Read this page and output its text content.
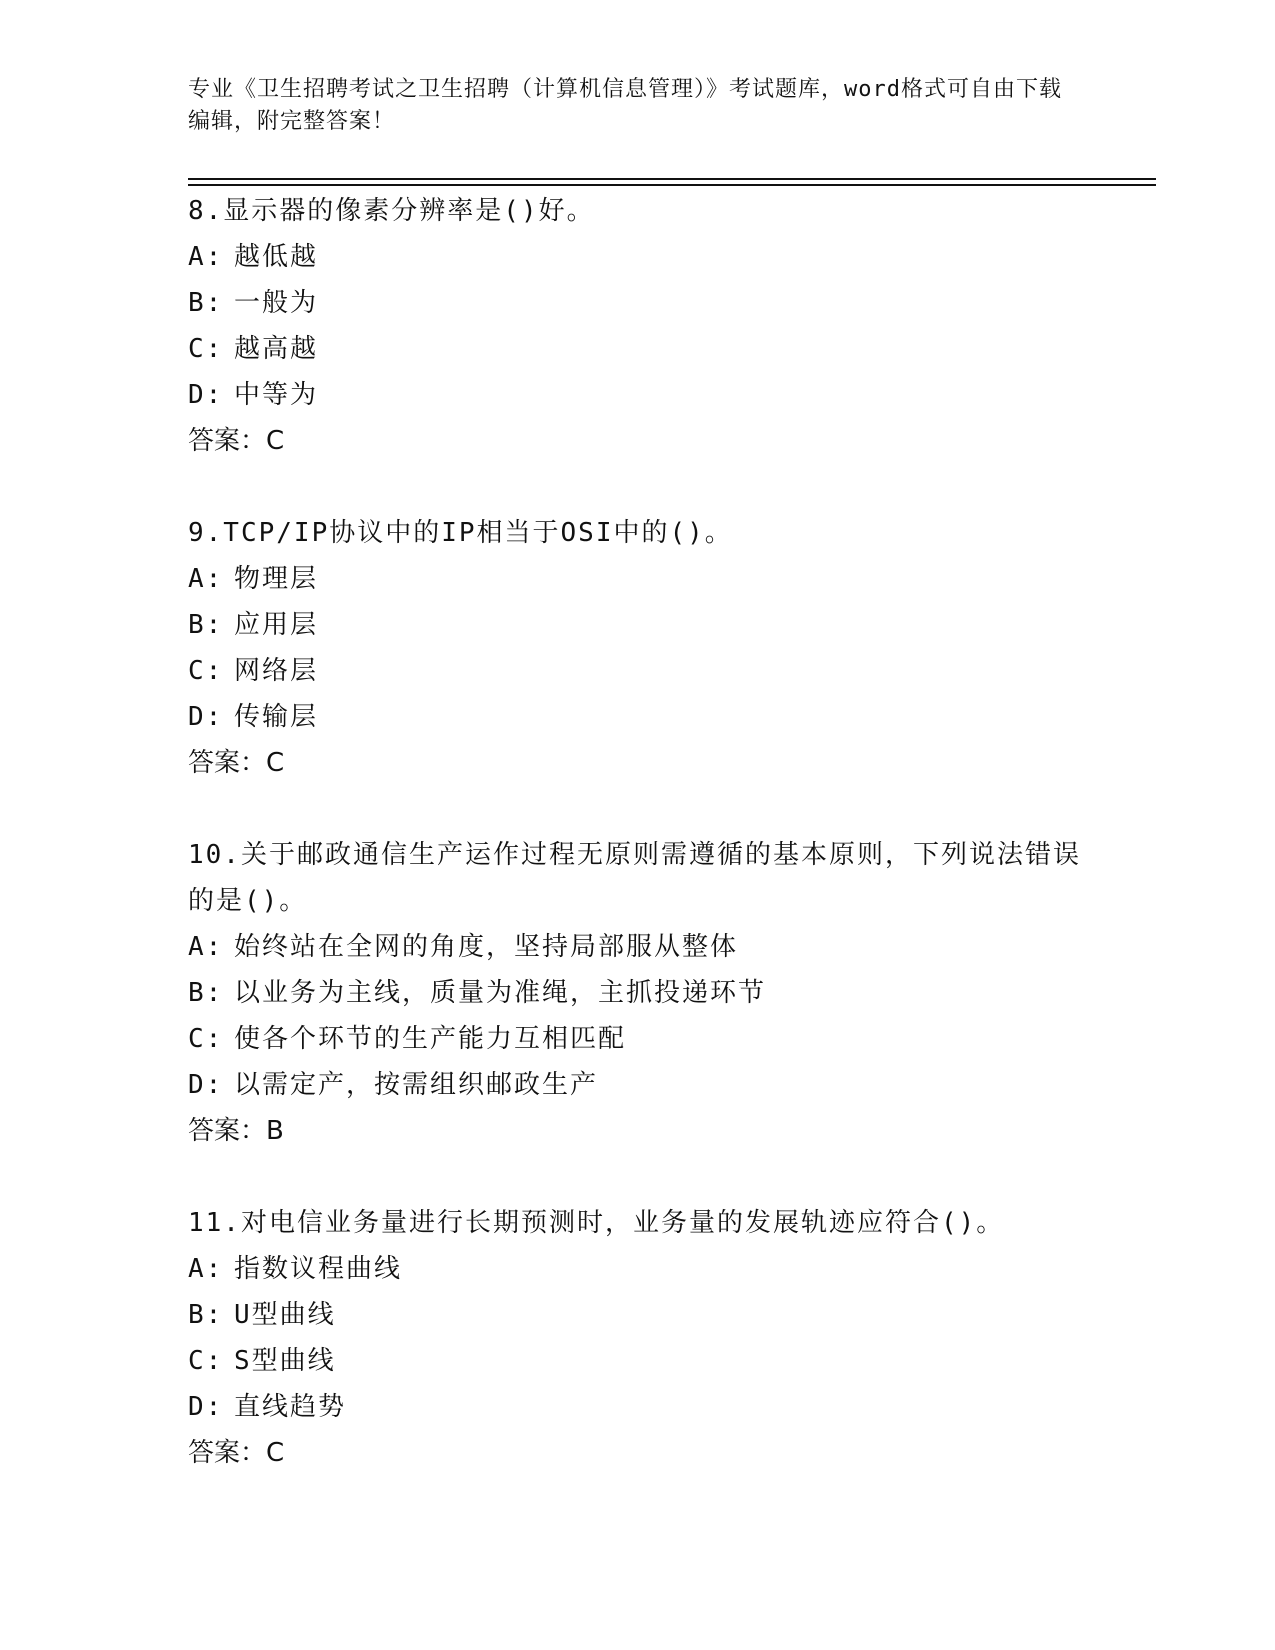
专业《卫生招聘考试之卫生招聘（计算机信息管理）》考试题库，word格式可自由下载编辑，附完整答案！
8.显示器的像素分辨率是()好。
A: 越低越
B: 一般为
C: 越高越
D: 中等为
答案：C
9.TCP/IP协议中的IP相当于OSI中的()。
A: 物理层
B: 应用层
C: 网络层
D: 传输层
答案：C
10.关于邮政通信生产运作过程无原则需遵循的基本原则，下列说法错误的是()。
A: 始终站在全网的角度，坚持局部服从整体
B: 以业务为主线，质量为准绳，主抓投递环节
C: 使各个环节的生产能力互相匹配
D: 以需定产，按需组织邮政生产
答案：B
11.对电信业务量进行长期预测时，业务量的发展轨迹应符合()。
A: 指数议程曲线
B: U型曲线
C: S型曲线
D: 直线趋势
答案：C
